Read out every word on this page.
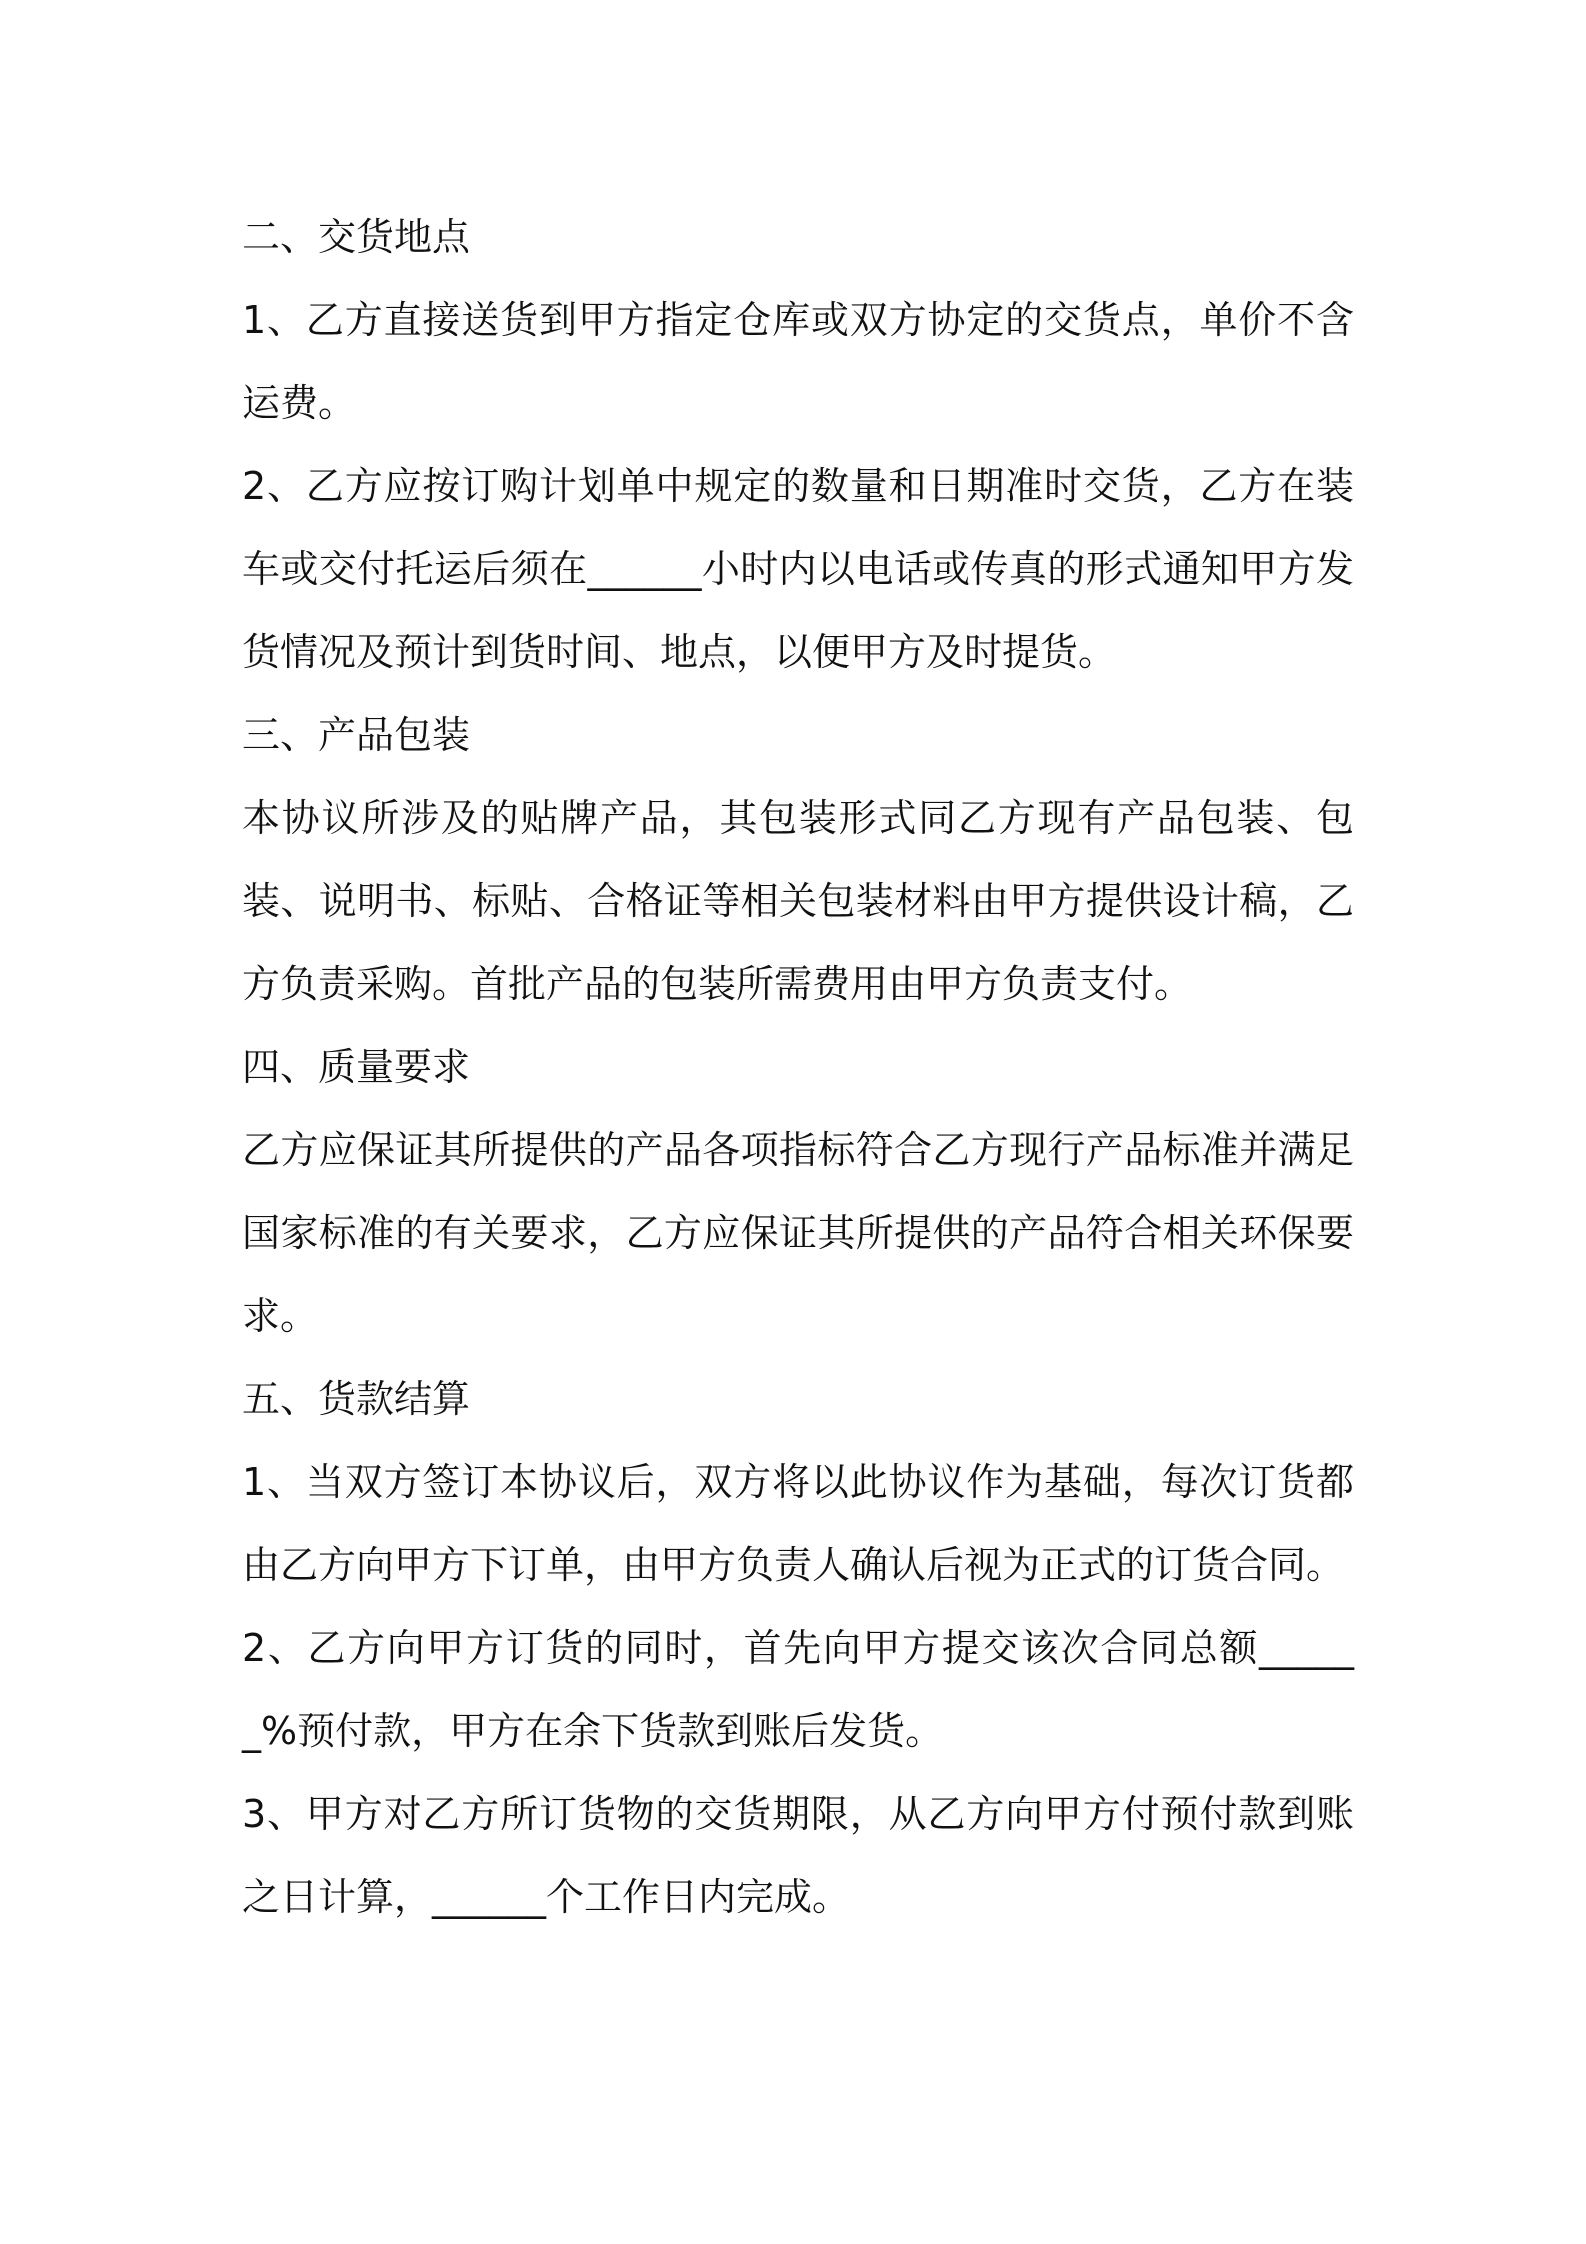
二、交货地点
1、乙方直接送货到甲方指定仓库或双方协定的交货点，单价不含运费。
2、乙方应按订购计划单中规定的数量和日期准时交货，乙方在装车或交付托运后须在______小时内以电话或传真的形式通知甲方发货情况及预计到货时间、地点，以便甲方及时提货。
三、产品包装
本协议所涉及的贴牌产品，其包装形式同乙方现有产品包装、包装、说明书、标贴、合格证等相关包装材料由甲方提供设计稿，乙方负责采购。首批产品的包装所需费用由甲方负责支付。
四、质量要求
乙方应保证其所提供的产品各项指标符合乙方现行产品标准并满足国家标准的有关要求，乙方应保证其所提供的产品符合相关环保要求。
五、货款结算
1、当双方签订本协议后，双方将以此协议作为基础，每次订货都由乙方向甲方下订单，由甲方负责人确认后视为正式的订货合同。
2、乙方向甲方订货的同时，首先向甲方提交该次合同总额______%预付款，甲方在余下货款到账后发货。
3、甲方对乙方所订货物的交货期限，从乙方向甲方付预付款到账之日计算，______个工作日内完成。
